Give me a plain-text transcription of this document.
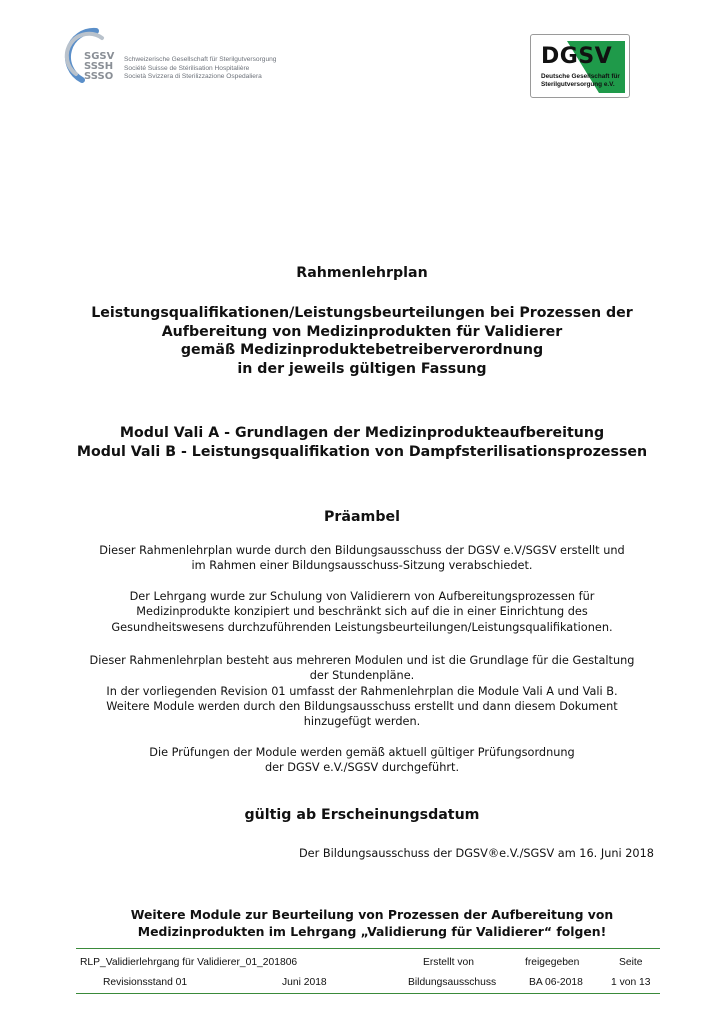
SGSV
SSSH
SSSO
Schweizerische Gesellschaft für Sterilgutversorgung
Société Suisse de Stérilisation Hospitalière
Società Svizzera di Sterilizzazione Ospedaliera
DGSV
Deutsche Gesellschaft für
Sterilgutversorgung e.V.
Rahmenlehrplan
Leistungsqualifikationen/Leistungsbeurteilungen bei Prozessen der
Aufbereitung von Medizinprodukten für Validierer
gemäß Medizinproduktebetreiberverordnung
in der jeweils gültigen Fassung
Modul Vali A - Grundlagen der Medizinprodukteaufbereitung
Modul Vali B - Leistungsqualifikation von Dampfsterilisationsprozessen
Präambel
Dieser Rahmenlehrplan wurde durch den Bildungsausschuss der DGSV e.V/SGSV erstellt und
im Rahmen einer Bildungsausschuss-Sitzung verabschiedet.
Der Lehrgang wurde zur Schulung von Validierern von Aufbereitungsprozessen für
Medizinprodukte konzipiert und beschränkt sich auf die in einer Einrichtung des
Gesundheitswesens durchzuführenden Leistungsbeurteilungen/Leistungsqualifikationen.
Dieser Rahmenlehrplan besteht aus mehreren Modulen und ist die Grundlage für die Gestaltung
der Stundenpläne.
In der vorliegenden Revision 01 umfasst der Rahmenlehrplan die Module Vali A und Vali B.
Weitere Module werden durch den Bildungsausschuss erstellt und dann diesem Dokument
hinzugefügt werden.
Die Prüfungen der Module werden gemäß aktuell gültiger Prüfungsordnung
der DGSV e.V./SGSV durchgeführt.
gültig ab Erscheinungsdatum
Der Bildungsausschuss der DGSV®e.V./SGSV am 16. Juni 2018
Weitere Module zur Beurteilung von Prozessen der Aufbereitung von
Medizinprodukten im Lehrgang „Validierung für Validierer“ folgen!
RLP_Validierlehrgang für Validierer_01_201806	Erstellt von	freigegeben	Seite
Revisionsstand 01	Juni 2018	Bildungsausschuss	BA 06-2018	1 von 13
